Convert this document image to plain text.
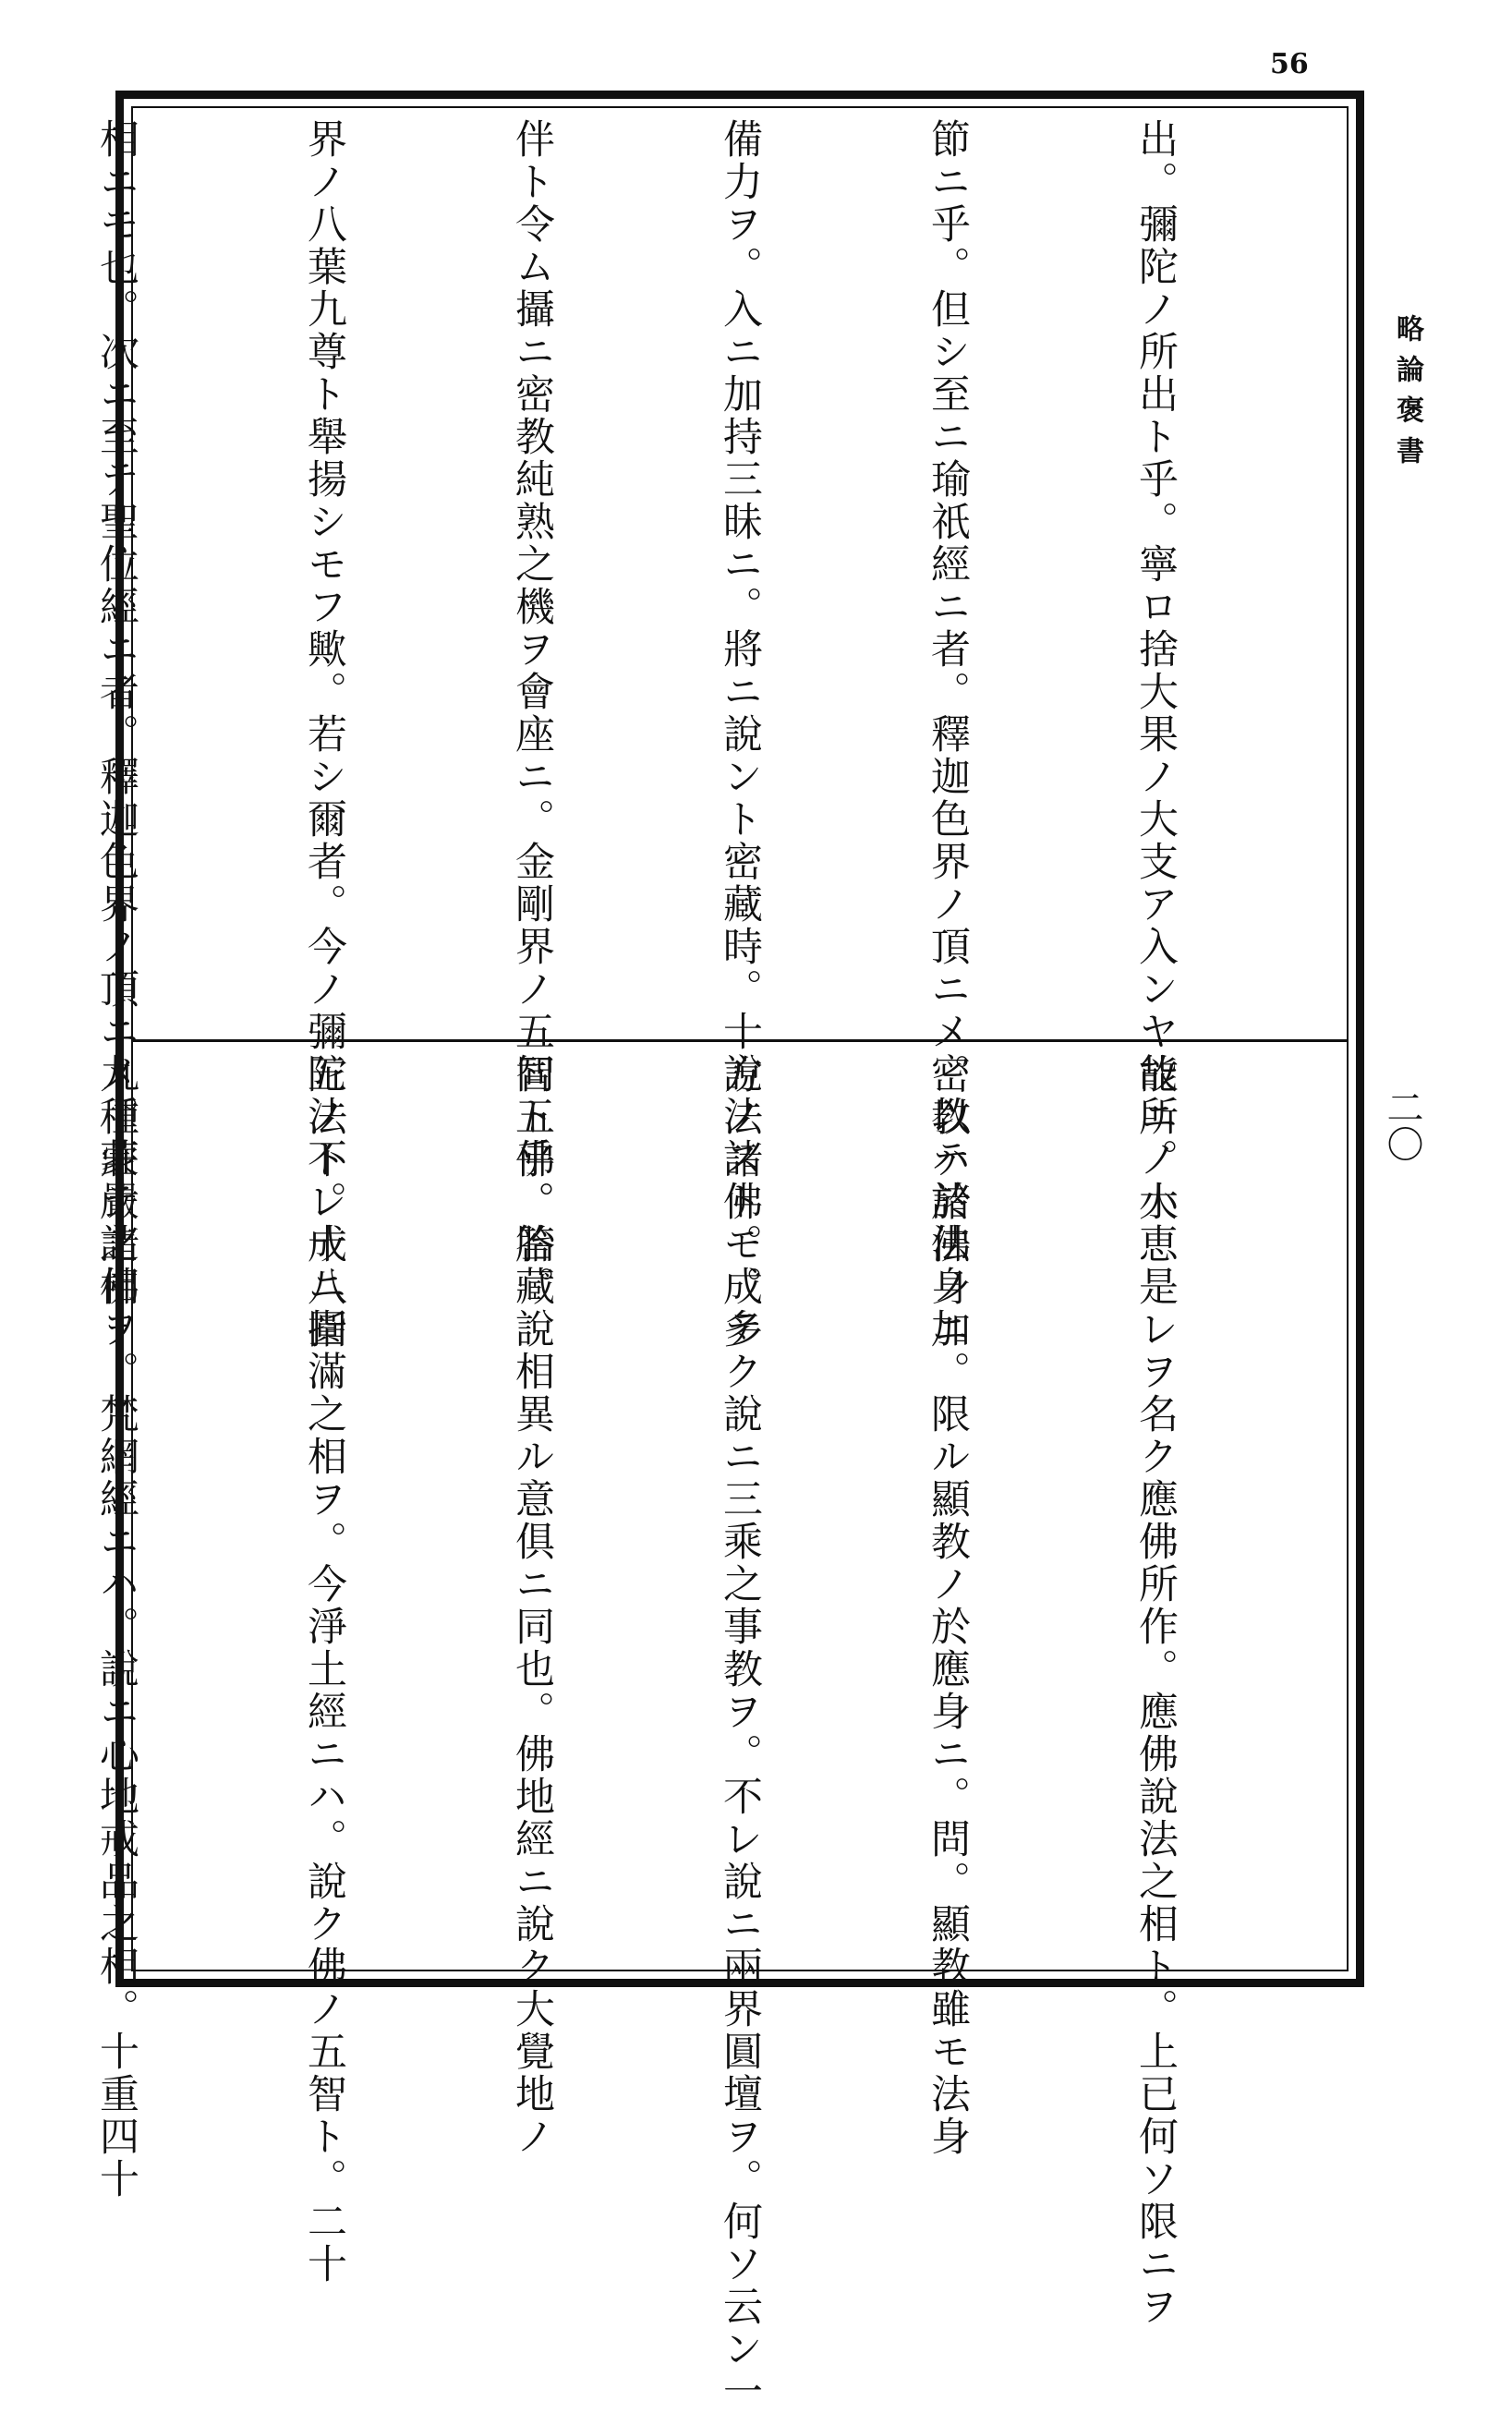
56
略論褒書
二〇

出。彌陀ノ所出ト乎。寧ロ捨大果ノ大支ア入ンヤ能所ノ小

節ニ乎。但シ至ニ瑜祇經ニ者。釋迦色界ノ頂ニメ。以テ諸佛ノ加

備力ヲ。入ニ加持三昧ニ。將ニ說ント密藏時。十方ノ諸佛。成テ

伴ト令ム攝ニ密教純熟之機ヲ會座ニ。金剛界ノ五智五佛。胎藏

界ノ八葉九尊ト舉揚シモフ歟。若シ爾者。今ノ彌陀ノ不レ成ニ指

相ニモ也。次ニ至テ聖位經ニ者。釋迦色界ノ頂ニメ。蒙テ諸佛

故ニ。大恵是レヲ名ク應佛所作。應佛說法之相ト。上已何ソ限ニヲ

密教ハ於法身ニ。限ル顯教ノ於應身ニ。問。顯教雖モ法身

說法ストモ。多ク說ニ三乘之事教ヲ。不レ說ニ兩界圓壇ヲ。何ソ云ン一

同ト乎。答。說相異ル意俱ニ同也。佛地經ニ說ク大覺地ノ

五法ト。十八圓滿之相ヲ。今淨土經ニハ。說ク佛ノ五智ト。二十

九種莊嚴之相ヲ。梵網經ニハ。說ニ心地戒品之相。十重四十
